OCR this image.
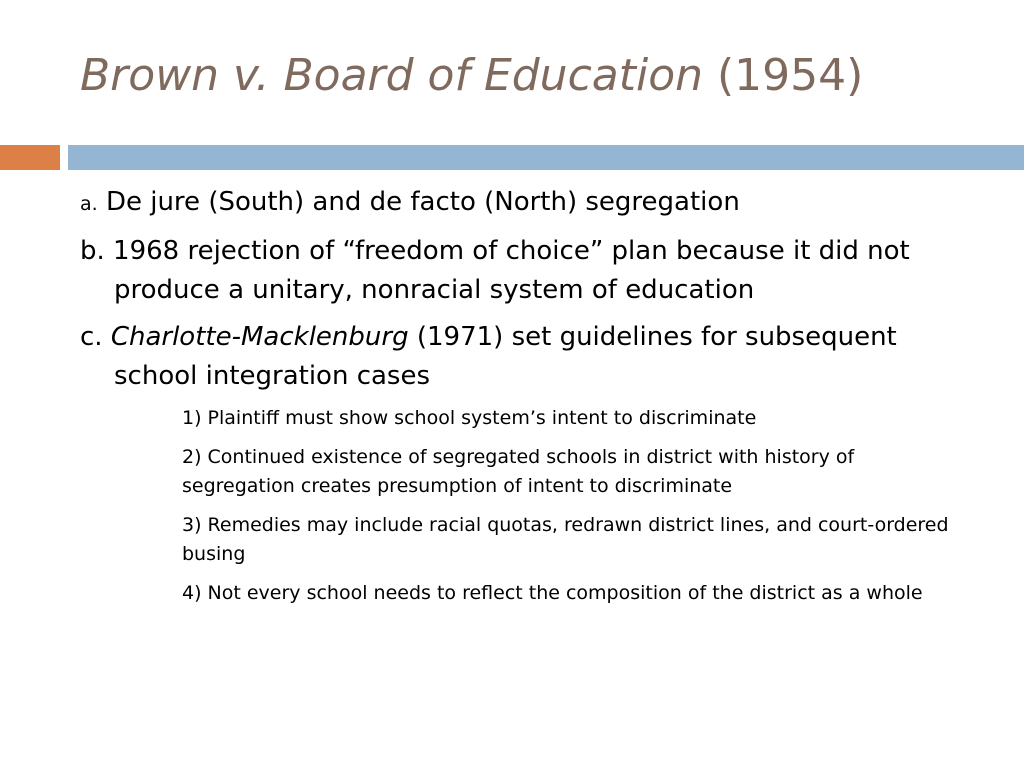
Brown v. Board of Education (1954)

a. De jure (South) and de facto (North) segregation

b. 1968 rejection of “freedom of choice” plan because it did not produce a unitary, nonracial system of education

c. Charlotte-Macklenburg (1971) set guidelines for subsequent school integration cases

1) Plaintiff must show school system’s intent to discriminate

2) Continued existence of segregated schools in district with history of segregation creates presumption of intent to discriminate

3) Remedies may include racial quotas, redrawn district lines, and court-ordered busing

4) Not every school needs to reflect the composition of the district as a whole
